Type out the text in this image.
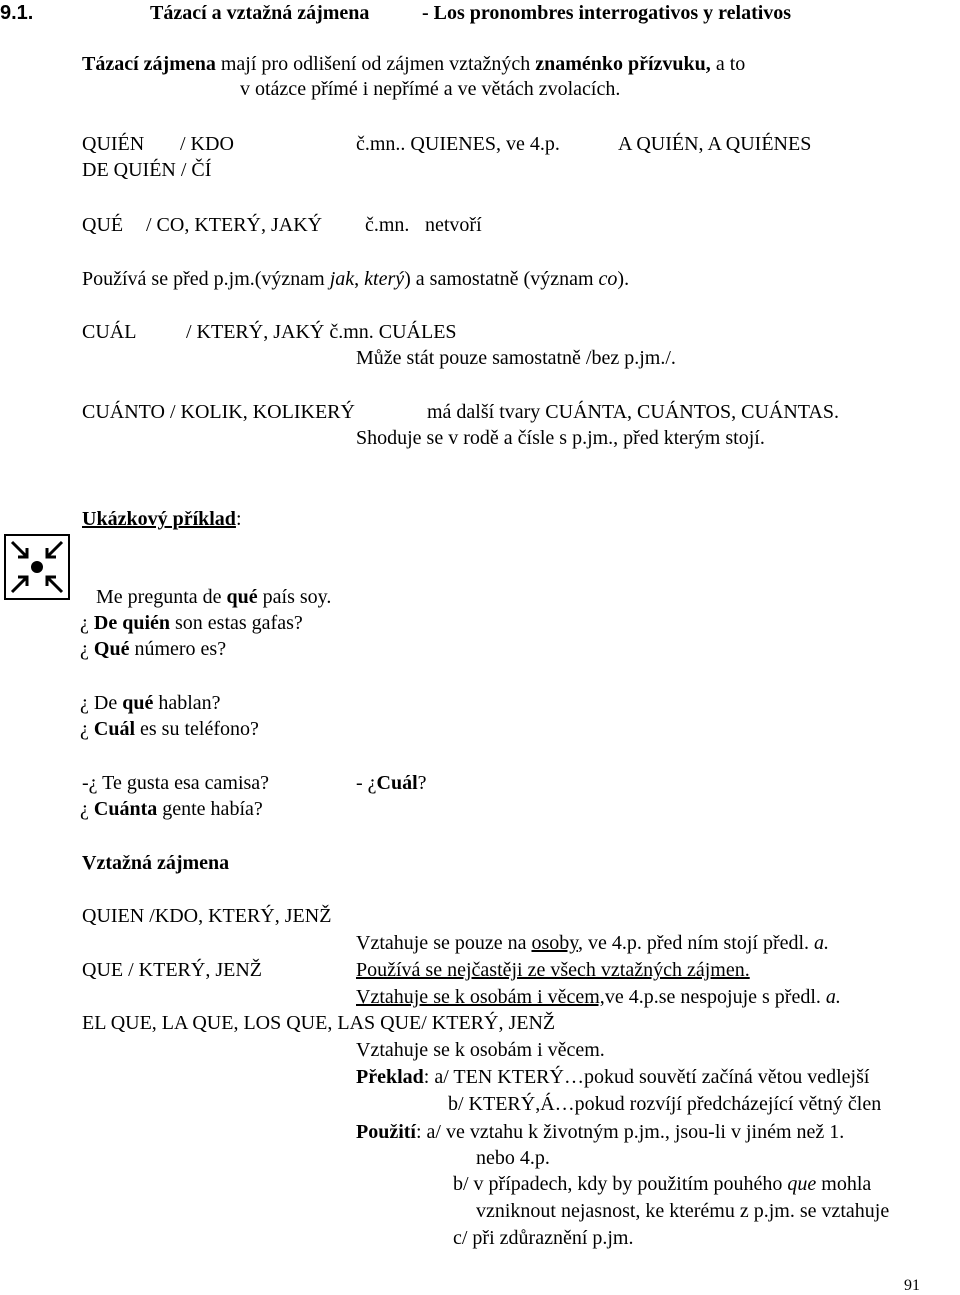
9.1.	Tázací a vztažná zájmena	- Los pronombres interrogativos y relativos
Tázací zájmena mají pro odlišení od zájmen vztažných znaménko přízvuku, a to
v otázce přímé i nepřímé a ve větách zvolacích.
QUIÉN / KDO	č.mn.. QUIENES, ve 4.p.	A QUIÉN, A QUIÉNES
DE QUIÉN / ČÍ
QUÉ / CO, KTERÝ, JAKÝ č.mn. netvoří
Používá se před p.jm.(význam jak, který) a samostatně (význam co).
CUÁL / KTERÝ, JAKÝ č.mn. CUÁLES
Může stát pouze samostatně /bez p.jm./.
CUÁNTO / KOLIK, KOLIKERÝ	má další tvary CUÁNTA, CUÁNTOS, CUÁNTAS.
Shoduje se v rodě a čísle s p.jm., před kterým stojí.
Ukázkový příklad:
Me pregunta de qué país soy.
¿ De quién son estas gafas?
¿ Qué número es?
¿ De qué hablan?
¿ Cuál es su teléfono?
-¿ Te gusta esa camisa?	- ¿Cuál?
¿ Cuánta gente había?
Vztažná zájmena
QUIEN /KDO, KTERÝ, JENŽ
Vztahuje se pouze na osoby, ve 4.p. před ním stojí předl. a.
QUE / KTERÝ, JENŽ	Používá se nejčastěji ze všech vztažných zájmen.
Vztahuje se k osobám i věcem,ve 4.p.se nespojuje s předl. a.
EL QUE, LA QUE, LOS QUE, LAS QUE/ KTERÝ, JENŽ
Vztahuje se k osobám i věcem.
Překlad: a/ TEN KTERÝ…pokud souvětí začíná větou vedlejší
b/ KTERÝ,Á…pokud rozvíjí předcházející větný člen
Použití: a/ ve vztahu k životným p.jm., jsou-li v jiném než 1.
nebo 4.p.
b/ v případech, kdy by použitím pouhého que mohla
vzniknout nejasnost, ke kterému z p.jm. se vztahuje
c/ při zdůraznění p.jm.
91
